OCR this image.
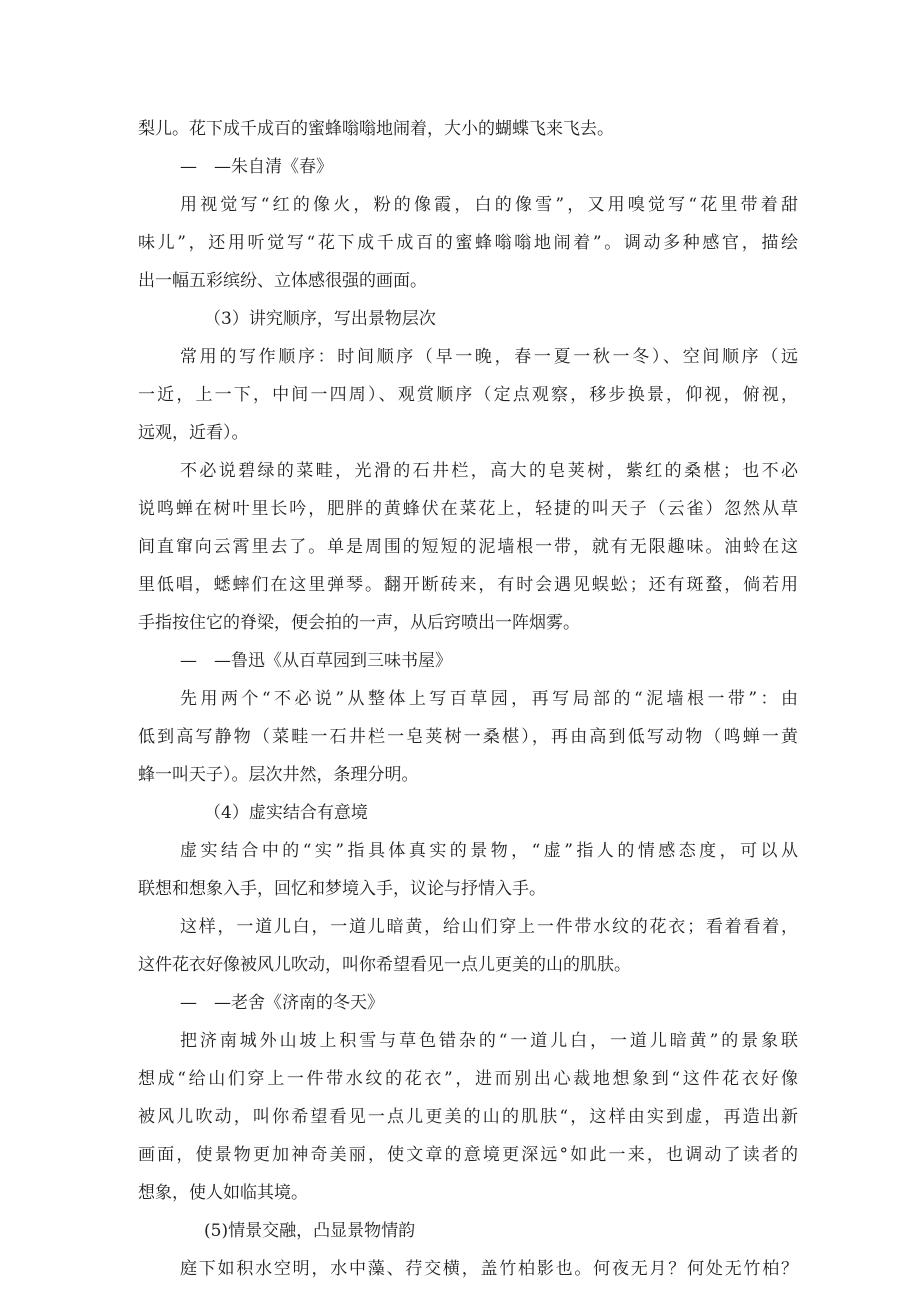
梨儿。花下成千成百的蜜蜂嗡嗡地闹着，大小的蝴蝶飞来飞去。
—　—朱自清《春》
用视觉写“红的像火，粉的像霞，白的像雪”，又用嗅觉写“花里带着甜
味儿”，还用听觉写“花下成千成百的蜜蜂嗡嗡地闹着”。调动多种感官，描绘
出一幅五彩缤纷、立体感很强的画面。
（3）讲究顺序，写出景物层次
常用的写作顺序：时间顺序（早一晚，春一夏一秋一冬）、空间顺序（远
一近，上一下，中间一四周）、观赏顺序（定点观察，移步换景，仰视，俯视，
远观，近看）。
不必说碧绿的菜畦，光滑的石井栏，高大的皂荚树，紫红的桑椹；也不必
说鸣蝉在树叶里长吟，肥胖的黄蜂伏在菜花上，轻捷的叫天子（云雀）忽然从草
间直窜向云霄里去了。单是周围的短短的泥墙根一带，就有无限趣味。油蛉在这
里低唱，蟋蟀们在这里弹琴。翻开断砖来，有时会遇见蜈蚣；还有斑蝥，倘若用
手指按住它的脊梁，便会拍的一声，从后窍喷出一阵烟雾。
—　—鲁迅《从百草园到三味书屋》
先用两个“不必说”从整体上写百草园，再写局部的“泥墙根一带”：由
低到高写静物（菜畦一石井栏一皂荚树一桑椹），再由高到低写动物（鸣蝉一黄
蜂一叫天子）。层次井然，条理分明。
（4）虚实结合有意境
虚实结合中的“实”指具体真实的景物，“虚”指人的情感态度，可以从
联想和想象入手，回忆和梦境入手，议论与抒情入手。
这样，一道儿白，一道儿暗黄，给山们穿上一件带水纹的花衣；看着看着，
这件花衣好像被风儿吹动，叫你希望看见一点儿更美的山的肌肤。
—　—老舍《济南的冬天》
把济南城外山坡上积雪与草色错杂的“一道儿白，一道儿暗黄”的景象联
想成“给山们穿上一件带水纹的花衣”，进而别出心裁地想象到“这件花衣好像
被风儿吹动，叫你希望看见一点儿更美的山的肌肤“，这样由实到虚，再造出新
画面，使景物更加神奇美丽，使文章的意境更深远°如此一来，也调动了读者的
想象，使人如临其境。
(5)情景交融，凸显景物情韵
庭下如积水空明，水中藻、荇交横，盖竹柏影也。何夜无月？何处无竹柏？
